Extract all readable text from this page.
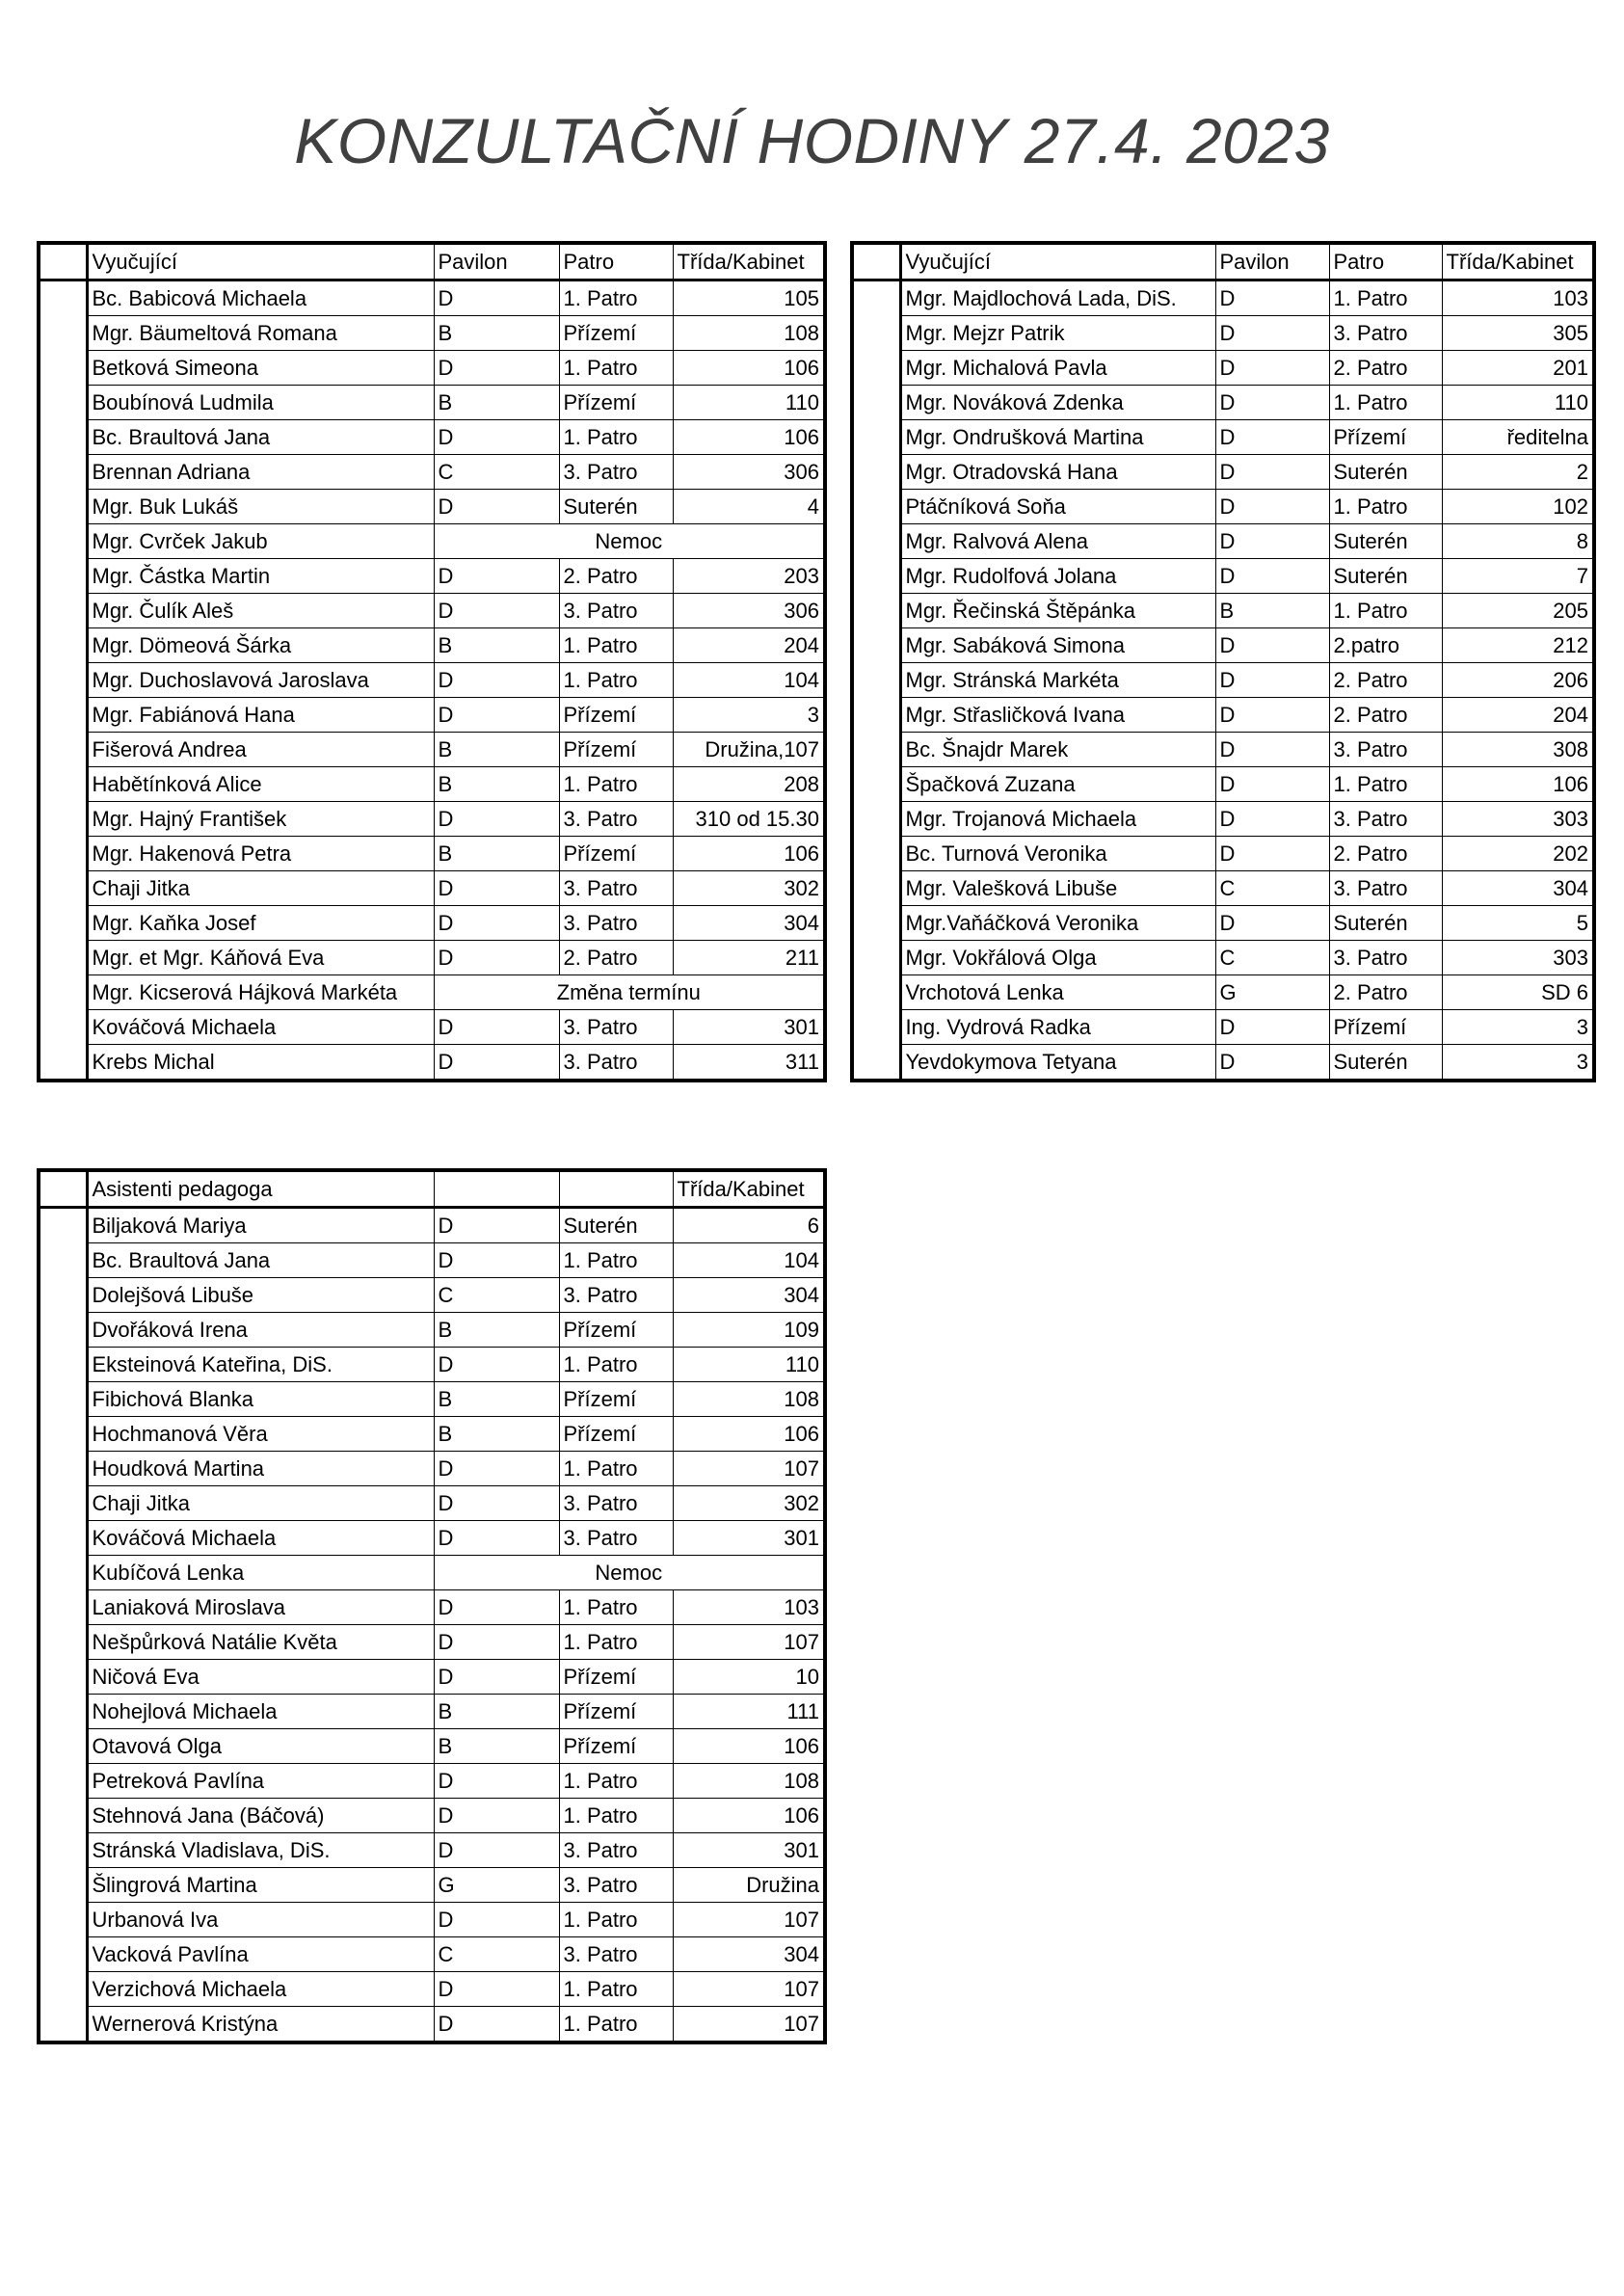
KONZULTAČNÍ HODINY 27.4. 2023
	Vyučující	Pavilon	Patro	Třída/Kabinet
	Bc. Babicová Michaela	D	1. Patro	105
	Mgr. Bäumeltová Romana	B	Přízemí	108
	Betková Simeona	D	1. Patro	106
	Boubínová Ludmila	B	Přízemí	110
	Bc. Braultová Jana	D	1. Patro	106
	Brennan Adriana	C	3. Patro	306
	Mgr. Buk Lukáš	D	Suterén	4
	Mgr. Cvrček Jakub	Nemoc		
	Mgr. Částka Martin	D	2. Patro	203
	Mgr. Čulík Aleš	D	3. Patro	306
	Mgr. Dömeová Šárka	B	1. Patro	204
	Mgr. Duchoslavová Jaroslava	D	1. Patro	104
	Mgr. Fabiánová Hana	D	Přízemí	3
	Fišerová Andrea	B	Přízemí	Družina,107
	Habětínková Alice	B	1. Patro	208
	Mgr. Hajný František	D	3. Patro	310 od 15.30
	Mgr. Hakenová Petra	B	Přízemí	106
	Chaji Jitka	D	3. Patro	302
	Mgr. Kaňka Josef	D	3. Patro	304
	Mgr. et Mgr. Káňová Eva	D	2. Patro	211
	Mgr. Kicserová Hájková Markéta	Změna termínu		
	Kováčová Michaela	D	3. Patro	301
	Krebs Michal	D	3. Patro	311
	Vyučující	Pavilon	Patro	Třída/Kabinet
	Mgr. Majdlochová Lada, DiS.	D	1. Patro	103
	Mgr. Mejzr Patrik	D	3. Patro	305
	Mgr. Michalová Pavla	D	2. Patro	201
	Mgr. Nováková Zdenka	D	1. Patro	110
	Mgr. Ondrušková Martina	D	Přízemí	ředitelna
	Mgr. Otradovská Hana	D	Suterén	2
	Ptáčníková Soňa	D	1. Patro	102
	Mgr. Ralvová Alena	D	Suterén	8
	Mgr. Rudolfová Jolana	D	Suterén	7
	Mgr. Řečinská Štěpánka	B	1. Patro	205
	Mgr. Sabáková Simona	D	2.patro	212
	Mgr. Stránská Markéta	D	2. Patro	206
	Mgr. Střasličková Ivana	D	2. Patro	204
	Bc. Šnajdr Marek	D	3. Patro	308
	Špačková Zuzana	D	1. Patro	106
	Mgr. Trojanová Michaela	D	3. Patro	303
	Bc. Turnová Veronika	D	2. Patro	202
	Mgr. Valešková Libuše	C	3. Patro	304
	Mgr.Vaňáčková Veronika	D	Suterén	5
	Mgr. Vokřálová Olga	C	3. Patro	303
	Vrchotová Lenka	G	2. Patro	SD 6
	Ing. Vydrová Radka	D	Přízemí	3
	Yevdokymova Tetyana	D	Suterén	3
	Asistenti pedagoga			Třída/Kabinet
	Biljaková Mariya	D	Suterén	6
	Bc. Braultová Jana	D	1. Patro	104
	Dolejšová Libuše	C	3. Patro	304
	Dvořáková Irena	B	Přízemí	109
	Eksteinová Kateřina, DiS.	D	1. Patro	110
	Fibichová Blanka	B	Přízemí	108
	Hochmanová Věra	B	Přízemí	106
	Houdková Martina	D	1. Patro	107
	Chaji Jitka	D	3. Patro	302
	Kováčová Michaela	D	3. Patro	301
	Kubíčová Lenka	Nemoc		
	Laniaková Miroslava	D	1. Patro	103
	Nešpůrková Natálie Květa	D	1. Patro	107
	Ničová Eva	D	Přízemí	10
	Nohejlová Michaela	B	Přízemí	111
	Otavová Olga	B	Přízemí	106
	Petreková Pavlína	D	1. Patro	108
	Stehnová Jana (Báčová)	D	1. Patro	106
	Stránská Vladislava, DiS.	D	3. Patro	301
	Šlingrová Martina	G	3. Patro	Družina
	Urbanová Iva	D	1. Patro	107
	Vacková Pavlína	C	3. Patro	304
	Verzichová Michaela	D	1. Patro	107
	Wernerová Kristýna	D	1. Patro	107
